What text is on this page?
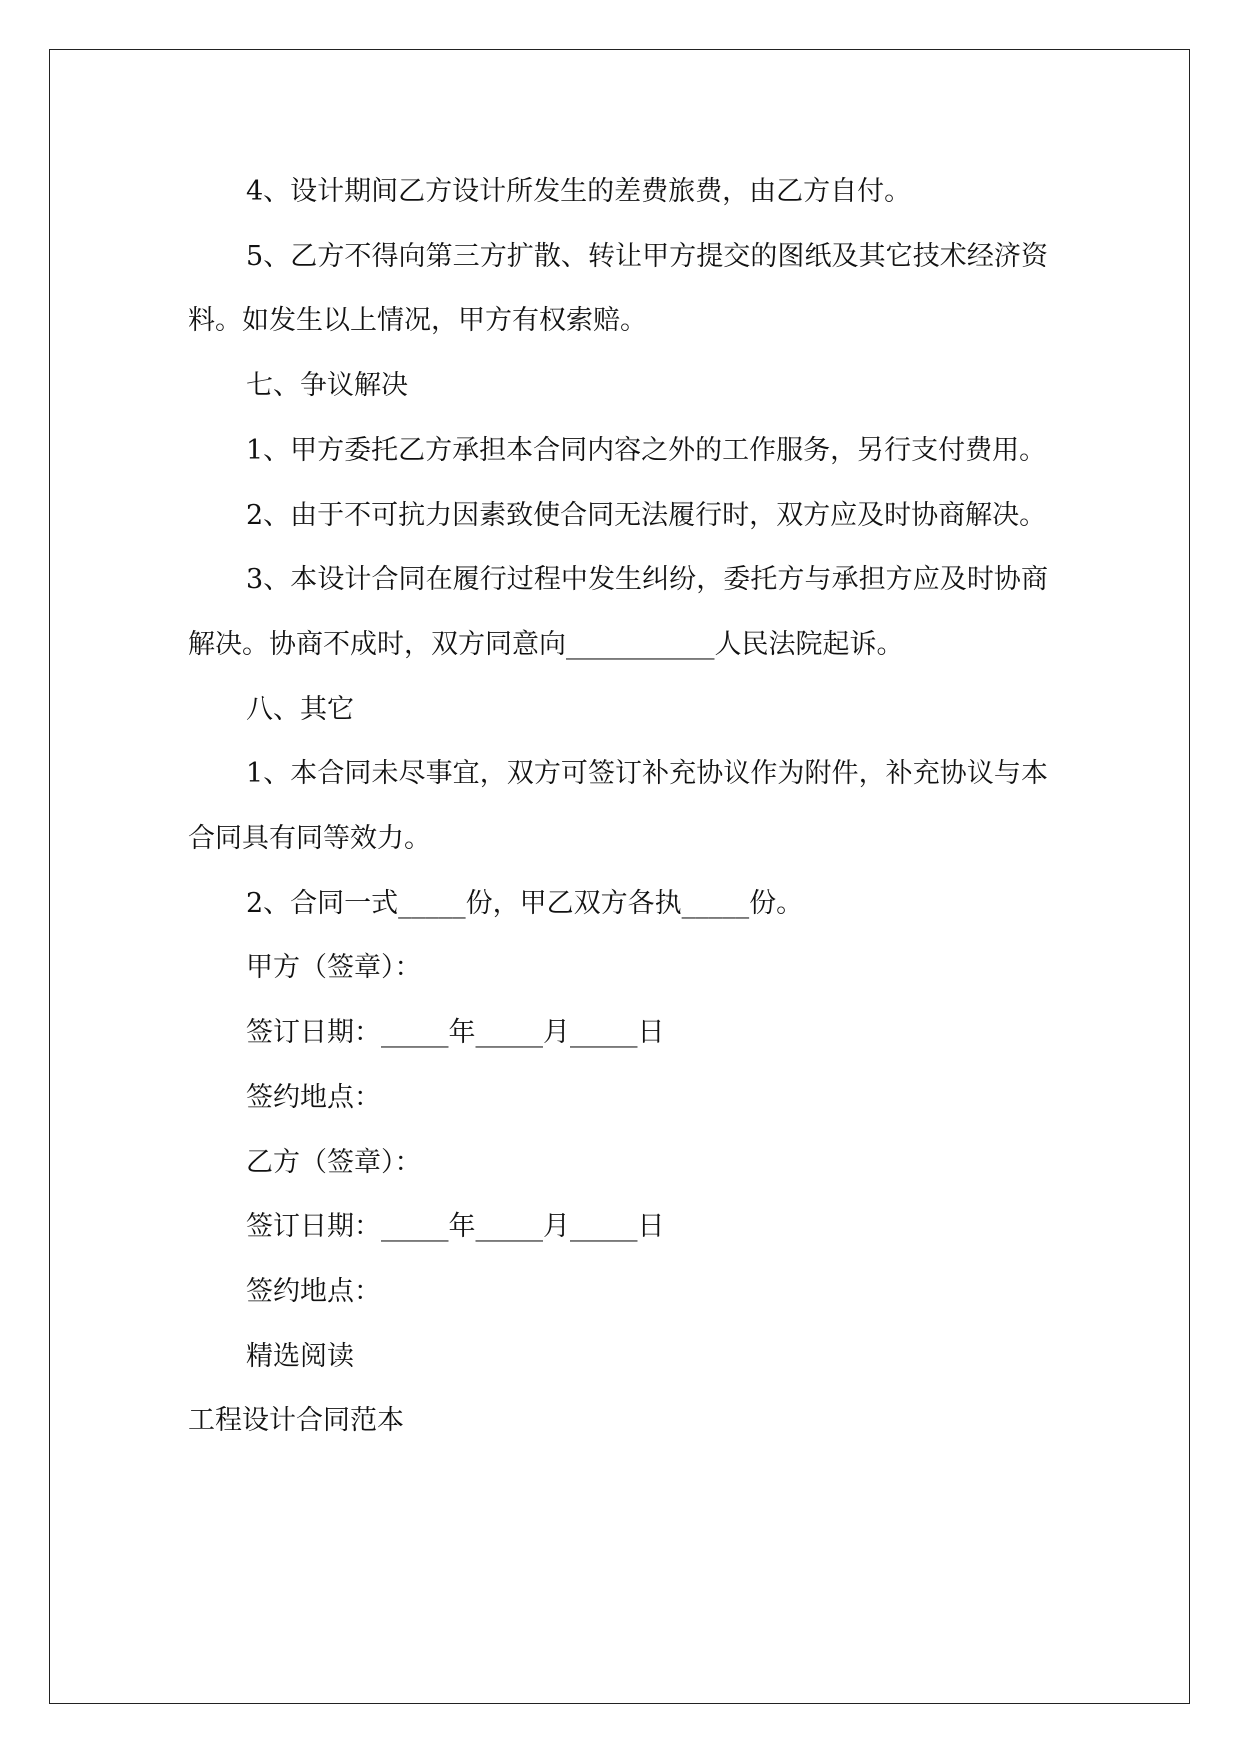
4、设计期间乙方设计所发生的差费旅费，由乙方自付。

5、乙方不得向第三方扩散、转让甲方提交的图纸及其它技术经济资料。如发生以上情况，甲方有权索赔。

七、争议解决

1、甲方委托乙方承担本合同内容之外的工作服务，另行支付费用。

2、由于不可抗力因素致使合同无法履行时，双方应及时协商解决。

3、本设计合同在履行过程中发生纠纷，委托方与承担方应及时协商解决。协商不成时，双方同意向___________人民法院起诉。

八、其它

1、本合同未尽事宜，双方可签订补充协议作为附件，补充协议与本合同具有同等效力。

2、合同一式_____份，甲乙双方各执_____份。

甲方（签章）：

签订日期：_____年_____月_____日

签约地点：

乙方（签章）：

签订日期：_____年_____月_____日

签约地点：

精选阅读

工程设计合同范本
